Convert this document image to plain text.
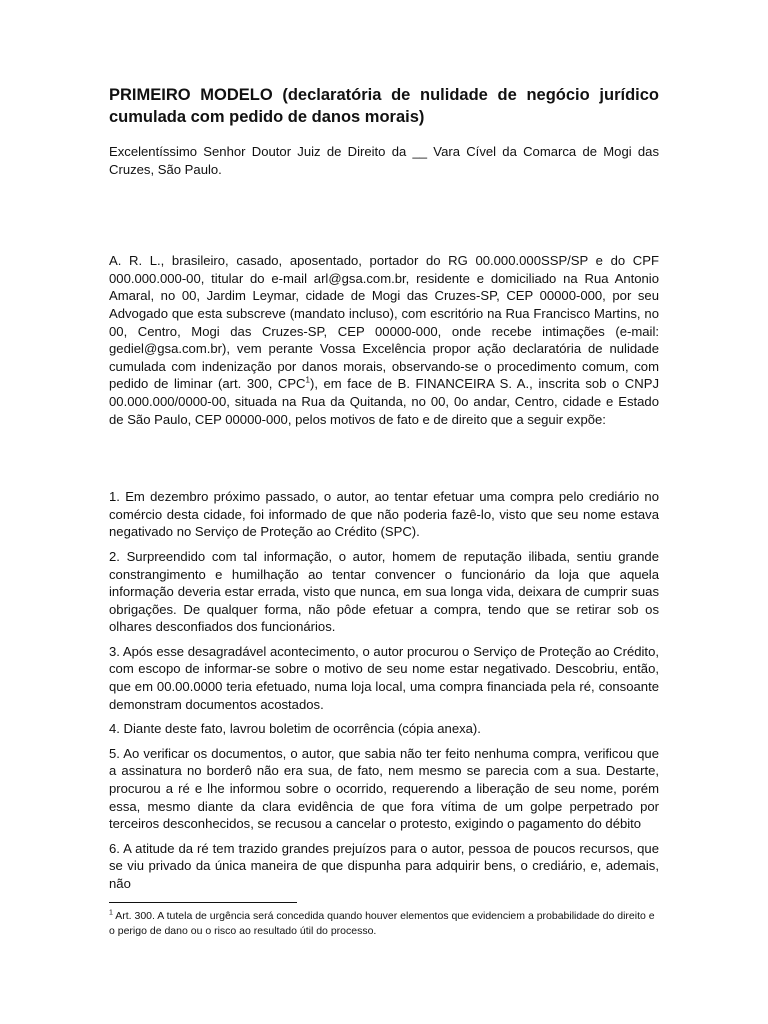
PRIMEIRO MODELO (declaratória de nulidade de negócio jurídico cumulada com pedido de danos morais)

Excelentíssimo Senhor Doutor Juiz de Direito da __ Vara Cível da Comarca de Mogi das Cruzes, São Paulo.

A. R. L., brasileiro, casado, aposentado, portador do RG 00.000.000SSP/SP e do CPF 000.000.000-00, titular do e-mail arl@gsa.com.br, residente e domiciliado na Rua Antonio Amaral, no 00, Jardim Leymar, cidade de Mogi das Cruzes-SP, CEP 00000-000, por seu Advogado que esta subscreve (mandato incluso), com escritório na Rua Francisco Martins, no 00, Centro, Mogi das Cruzes-SP, CEP 00000-000, onde recebe intimações (e-mail: gediel@gsa.com.br), vem perante Vossa Excelência propor ação declaratória de nulidade cumulada com indenização por danos morais, observando-se o procedimento comum, com pedido de liminar (art. 300, CPC$^1$), em face de B. FINANCEIRA S. A., inscrita sob o CNPJ 00.000.000/0000-00, situada na Rua da Quitanda, no 00, 0o andar, Centro, cidade e Estado de São Paulo, CEP 00000-000, pelos motivos de fato e de direito que a seguir expõe:

1. Em dezembro próximo passado, o autor, ao tentar efetuar uma compra pelo crediário no comércio desta cidade, foi informado de que não poderia fazê-lo, visto que seu nome estava negativado no Serviço de Proteção ao Crédito (SPC).

2. Surpreendido com tal informação, o autor, homem de reputação ilibada, sentiu grande constrangimento e humilhação ao tentar convencer o funcionário da loja que aquela informação deveria estar errada, visto que nunca, em sua longa vida, deixara de cumprir suas obrigações. De qualquer forma, não pôde efetuar a compra, tendo que se retirar sob os olhares desconfiados dos funcionários.

3. Após esse desagradável acontecimento, o autor procurou o Serviço de Proteção ao Crédito, com escopo de informar-se sobre o motivo de seu nome estar negativado. Descobriu, então, que em 00.00.0000 teria efetuado, numa loja local, uma compra financiada pela ré, consoante demonstram documentos acostados.

4. Diante deste fato, lavrou boletim de ocorrência (cópia anexa).

5. Ao verificar os documentos, o autor, que sabia não ter feito nenhuma compra, verificou que a assinatura no borderô não era sua, de fato, nem mesmo se parecia com a sua. Destarte, procurou a ré e lhe informou sobre o ocorrido, requerendo a liberação de seu nome, porém essa, mesmo diante da clara evidência de que fora vítima de um golpe perpetrado por terceiros desconhecidos, se recusou a cancelar o protesto, exigindo o pagamento do débito

6. A atitude da ré tem trazido grandes prejuízos para o autor, pessoa de poucos recursos, que se viu privado da única maneira de que dispunha para adquirir bens, o crediário, e, ademais, não

$^1$ Art. 300. A tutela de urgência será concedida quando houver elementos que evidenciem a probabilidade do direito e o perigo de dano ou o risco ao resultado útil do processo.
